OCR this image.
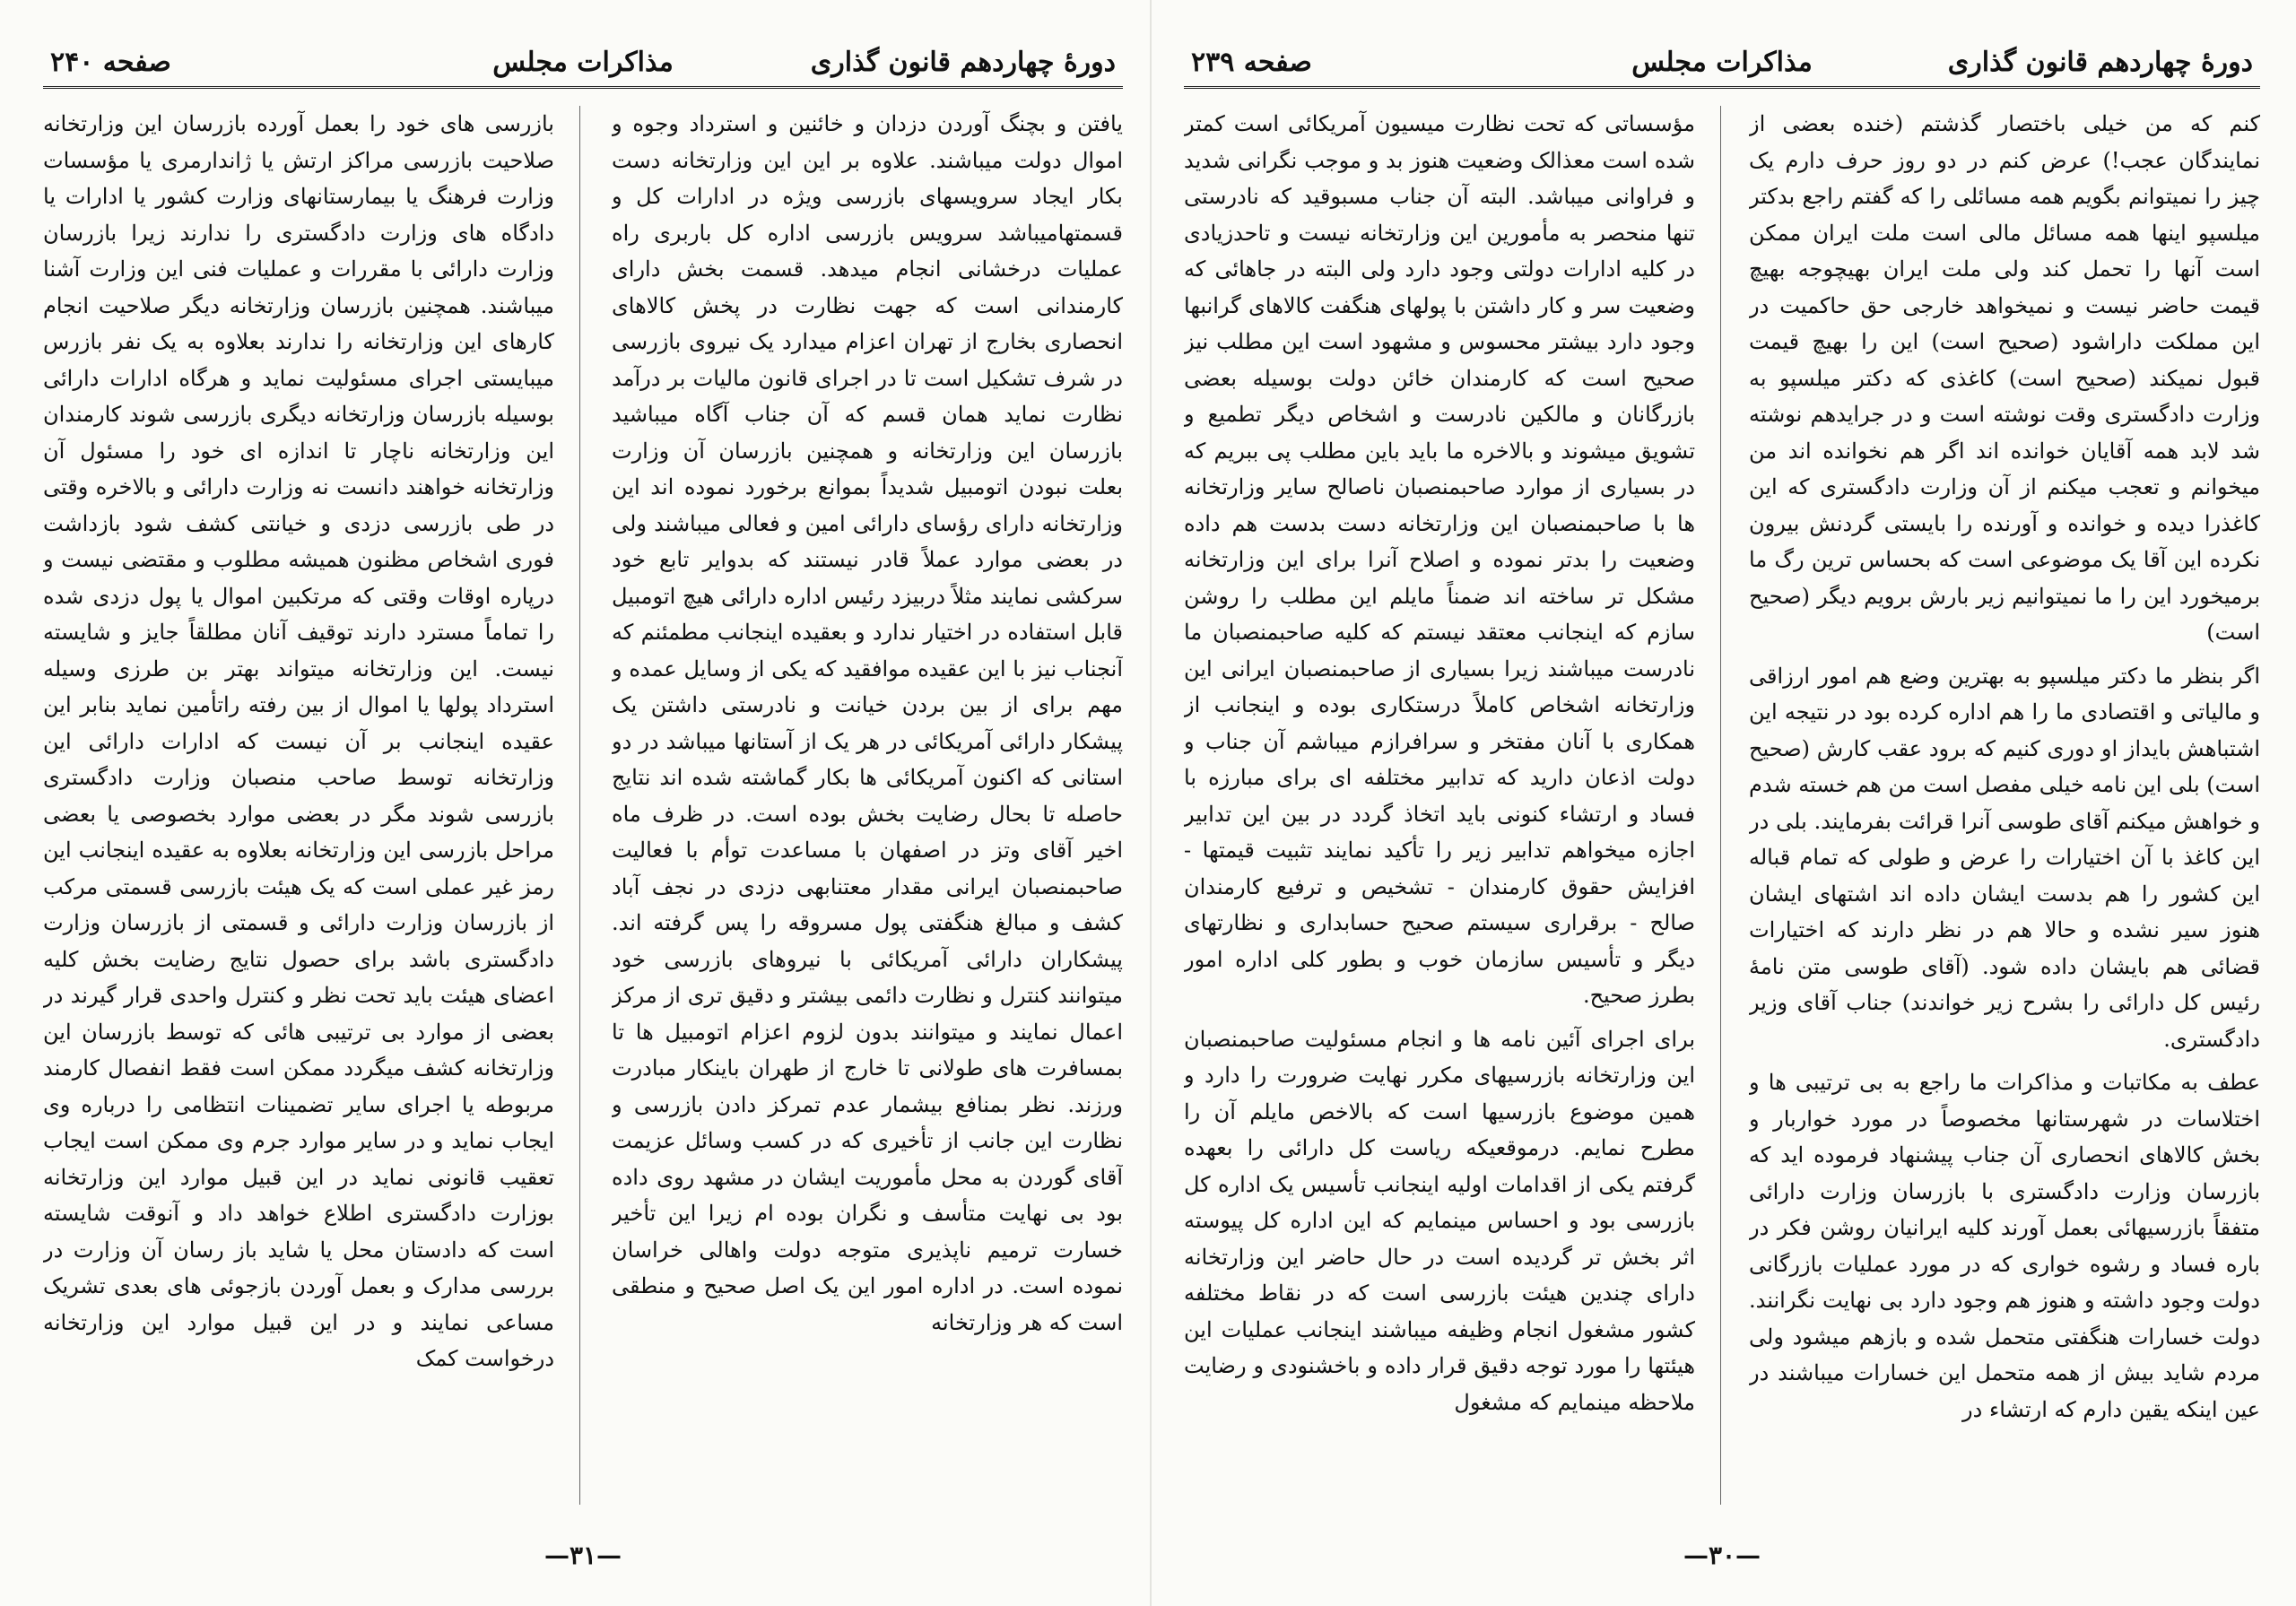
دورهٔ چهاردهم قانون گذاری
مذاکرات مجلس
صفحه ۲۴۰

یافتن و بچنگ آوردن دزدان و خائنین و استرداد وجوه و اموال دولت میباشند. علاوه بر این این وزارتخانه دست بکار ایجاد سرویسهای بازرسی ویژه در ادارات کل و قسمتهامیباشد سرویس بازرسی اداره کل باربری راه عملیات درخشانی انجام میدهد. قسمت بخش دارای کارمندانی است که جهت نظارت در پخش کالاهای انحصاری بخارج از تهران اعزام میدارد یک نیروی بازرسی در شرف تشکیل است تا در اجرای قانون مالیات بر درآمد نظارت نماید همان قسم که آن جناب آگاه میباشید بازرسان این وزارتخانه و همچنین بازرسان آن وزارت بعلت نبودن اتومبیل شدیداً بموانع برخورد نموده اند این وزارتخانه دارای رؤسای دارائی امین و فعالی میباشند ولی در بعضی موارد عملاً قادر نیستند که بدوایر تابع خود سرکشی نمایند مثلاً دربیزد رئیس اداره دارائی هیچ اتومبیل قابل استفاده در اختیار ندارد و بعقیده اینجانب مطمئنم که آنجناب نیز با این عقیده موافقید که یکی از وسایل عمده و مهم برای از بین بردن خیانت و نادرستی داشتن یک پیشکار دارائی آمریکائی در هر یک از آستانها میباشد در دو استانی که اکنون آمریکائی ها بکار گماشته شده اند نتایج حاصله تا بحال رضایت بخش بوده است. در ظرف ماه اخیر آقای وتز در اصفهان با مساعدت توأم با فعالیت صاحبمنصبان ایرانی مقدار معتنابهی دزدی در نجف آباد کشف و مبالغ هنگفتی پول مسروقه را پس گرفته اند. پیشکاران دارائی آمریکائی با نیروهای بازرسی خود میتوانند کنترل و نظارت دائمی بیشتر و دقیق تری از مرکز اعمال نمایند و میتوانند بدون لزوم اعزام اتومبیل ها تا بمسافرت های طولانی تا خارج از طهران باینکار مبادرت ورزند. نظر بمنافع بیشمار عدم تمرکز دادن بازرسی و نظارت این جانب از تأخیری که در کسب وسائل عزیمت آقای گوردن به محل مأموریت ایشان در مشهد روی داده بود بی نهایت متأسف و نگران بوده ام زیرا این تأخیر خسارت ترمیم ناپذیری متوجه دولت واهالی خراسان نموده است. در اداره امور این یک اصل صحیح و منطقی است که هر وزارتخانه

بازرسی های خود را بعمل آورده بازرسان این وزارتخانه صلاحیت بازرسی مراکز ارتش یا ژاندارمری یا مؤسسات وزارت فرهنگ یا بیمارستانهای وزارت کشور یا ادارات یا دادگاه های وزارت دادگستری را ندارند زیرا بازرسان وزارت دارائی با مقررات و عملیات فنی این وزارت آشنا میباشند. همچنین بازرسان وزارتخانه دیگر صلاحیت انجام کارهای این وزارتخانه را ندارند بعلاوه به یک نفر بازرس میبایستی اجرای مسئولیت نماید و هرگاه ادارات دارائی بوسیله بازرسان وزارتخانه دیگری بازرسی شوند کارمندان این وزارتخانه ناچار تا اندازه ای خود را مسئول آن وزارتخانه خواهند دانست نه وزارت دارائی و بالاخره وقتی در طی بازرسی دزدی و خیانتی کشف شود بازداشت فوری اشخاص مظنون همیشه مطلوب و مقتضی نیست و درپاره اوقات وقتی که مرتکبین اموال یا پول دزدی شده را تماماً مسترد دارند توقیف آنان مطلقاً جایز و شایسته نیست. این وزارتخانه میتواند بهتر بن طرزی وسیله استرداد پولها یا اموال از بین رفته راتأمین نماید بنابر این عقیده اینجانب بر آن نیست که ادارات دارائی این وزارتخانه توسط صاحب منصبان وزارت دادگستری بازرسی شوند مگر در بعضی موارد بخصوصی یا بعضی مراحل بازرسی این وزارتخانه بعلاوه به عقیده اینجانب این رمز غیر عملی است که یک هیئت بازرسی قسمتی مرکب از بازرسان وزارت دارائی و قسمتی از بازرسان وزارت دادگستری باشد برای حصول نتایج رضایت بخش کلیه اعضای هیئت باید تحت نظر و کنترل واحدی قرار گیرند در بعضی از موارد بی ترتیبی هائی که توسط بازرسان این وزارتخانه کشف میگردد ممکن است فقط انفصال کارمند مربوطه یا اجرای سایر تضمینات انتظامی را درباره وی ایجاب نماید و در سایر موارد جرم وی ممکن است ایجاب تعقیب قانونی نماید در این قبیل موارد این وزارتخانه بوزارت دادگستری اطلاع خواهد داد و آنوقت شایسته است که دادستان محل یا شاید باز رسان آن وزارت در بررسی مدارک و بعمل آوردن بازجوئی های بعدی تشریک مساعی نمایند و در این قبیل موارد این وزارتخانه درخواست کمک

—۳۱—
دورهٔ چهاردهم قانون گذاری
مذاکرات مجلس
صفحه ۲۳۹

کنم که من خیلی باختصار گذشتم (خنده بعضی از نمایندگان عجب!) عرض کنم در دو روز حرف دارم یک چیز را نمیتوانم بگویم همه مسائلی را که گفتم راجع بدکتر میلسپو اینها همه مسائل مالی است ملت ایران ممکن است آنها را تحمل کند ولی ملت ایران بهیچوجه بهیچ قیمت حاضر نیست و نمیخواهد خارجی حق حاکمیت در این مملکت داراشود (صحیح است) این را بهیچ قیمت قبول نمیکند (صحیح است) کاغذی که دکتر میلسپو به وزارت دادگستری وقت نوشته است و در جرایدهم نوشته شد لابد همه آقایان خوانده اند اگر هم نخوانده اند من میخوانم و تعجب میکنم از آن وزارت دادگستری که این کاغذرا دیده و خوانده و آورنده را بایستی گردنش بیرون نکرده این آقا یک موضوعی است که بحساس ترین رگ ما برمیخورد این را ما نمیتوانیم زیر بارش برویم دیگر (صحیح است)

اگر بنظر ما دکتر میلسپو به بهترین وضع هم امور ارزاقی و مالیاتی و اقتصادی ما را هم اداره کرده بود در نتیجه این اشتباهش بایداز او دوری کنیم که برود عقب کارش (صحیح است) بلی این نامه خیلی مفصل است من هم خسته شدم و خواهش میکنم آقای طوسی آنرا قرائت بفرمایند. بلی در این کاغذ با آن اختیارات را عرض و طولی که تمام قباله این کشور را هم بدست ایشان داده اند اشتهای ایشان هنوز سیر نشده و حالا هم در نظر دارند که اختیارات قضائی هم بایشان داده شود. (آقای طوسی متن نامهٔ رئیس کل دارائی را بشرح زیر خواندند) جناب آقای وزیر دادگستری.

عطف به مکاتبات و مذاکرات ما راجع به بی ترتیبی ها و اختلاسات در شهرستانها مخصوصاً در مورد خواربار و بخش کالاهای انحصاری آن جناب پیشنهاد فرموده اید که بازرسان وزارت دادگستری با بازرسان وزارت دارائی متفقاً بازرسیهائی بعمل آورند کلیه ایرانیان روشن فکر در باره فساد و رشوه خواری که در مورد عملیات بازرگانی دولت وجود داشته و هنوز هم وجود دارد بی نهایت نگرانند. دولت خسارات هنگفتی متحمل شده و بازهم میشود ولی مردم شاید بیش از همه متحمل این خسارات میباشند در عین اینکه یقین دارم که ارتشاء در

مؤسساتی که تحت نظارت میسیون آمریکائی است کمتر شده است معذالک وضعیت هنوز بد و موجب نگرانی شدید و فراوانی میباشد. البته آن جناب مسبوقید که نادرستی تنها منحصر به مأمورین این وزارتخانه نیست و تاحدزیادی در کلیه ادارات دولتی وجود دارد ولی البته در جاهائی که وضعیت سر و کار داشتن با پولهای هنگفت کالاهای گرانبها وجود دارد بیشتر محسوس و مشهود است این مطلب نیز صحیح است که کارمندان خائن دولت بوسیله بعضی بازرگانان و مالکین نادرست و اشخاص دیگر تطمیع و تشویق میشوند و بالاخره ما باید باین مطلب پی ببریم که در بسیاری از موارد صاحبمنصبان ناصالح سایر وزارتخانه ها با صاحبمنصبان این وزارتخانه دست بدست هم داده وضعیت را بدتر نموده و اصلاح آنرا برای این وزارتخانه مشکل تر ساخته اند ضمناً مایلم این مطلب را روشن سازم که اینجانب معتقد نیستم که کلیه صاحبمنصبان ما نادرست میباشند زیرا بسیاری از صاحبمنصبان ایرانی این وزارتخانه اشخاص کاملاً درستکاری بوده و اینجانب از همکاری با آنان مفتخر و سرافرازم میباشم آن جناب و دولت اذعان دارید که تدابیر مختلفه ای برای مبارزه با فساد و ارتشاء کنونی باید اتخاذ گردد در بین این تدابیر اجازه میخواهم تدابیر زیر را تأکید نمایند تثبیت قیمتها - افزایش حقوق کارمندان - تشخیص و ترفیع کارمندان صالح - برقراری سیستم صحیح حسابداری و نظارتهای دیگر و تأسیس سازمان خوب و بطور کلی اداره امور بطرز صحیح.

برای اجرای آئین نامه ها و انجام مسئولیت صاحبمنصبان این وزارتخانه بازرسیهای مکرر نهایت ضرورت را دارد و همین موضوع بازرسیها است که بالاخص مایلم آن را مطرح نمایم. درموقعیکه ریاست کل دارائی را بعهده گرفتم یکی از اقدامات اولیه اینجانب تأسیس یک اداره کل بازرسی بود و احساس مینمایم که این اداره کل پیوسته اثر بخش تر گردیده است در حال حاضر این وزارتخانه دارای چندین هیئت بازرسی است که در نقاط مختلفه کشور مشغول انجام وظیفه میباشند اینجانب عملیات این هیئتها را مورد توجه دقیق قرار داده و باخشنودی و رضایت ملاحظه مینمایم که مشغول

—۳۰—
